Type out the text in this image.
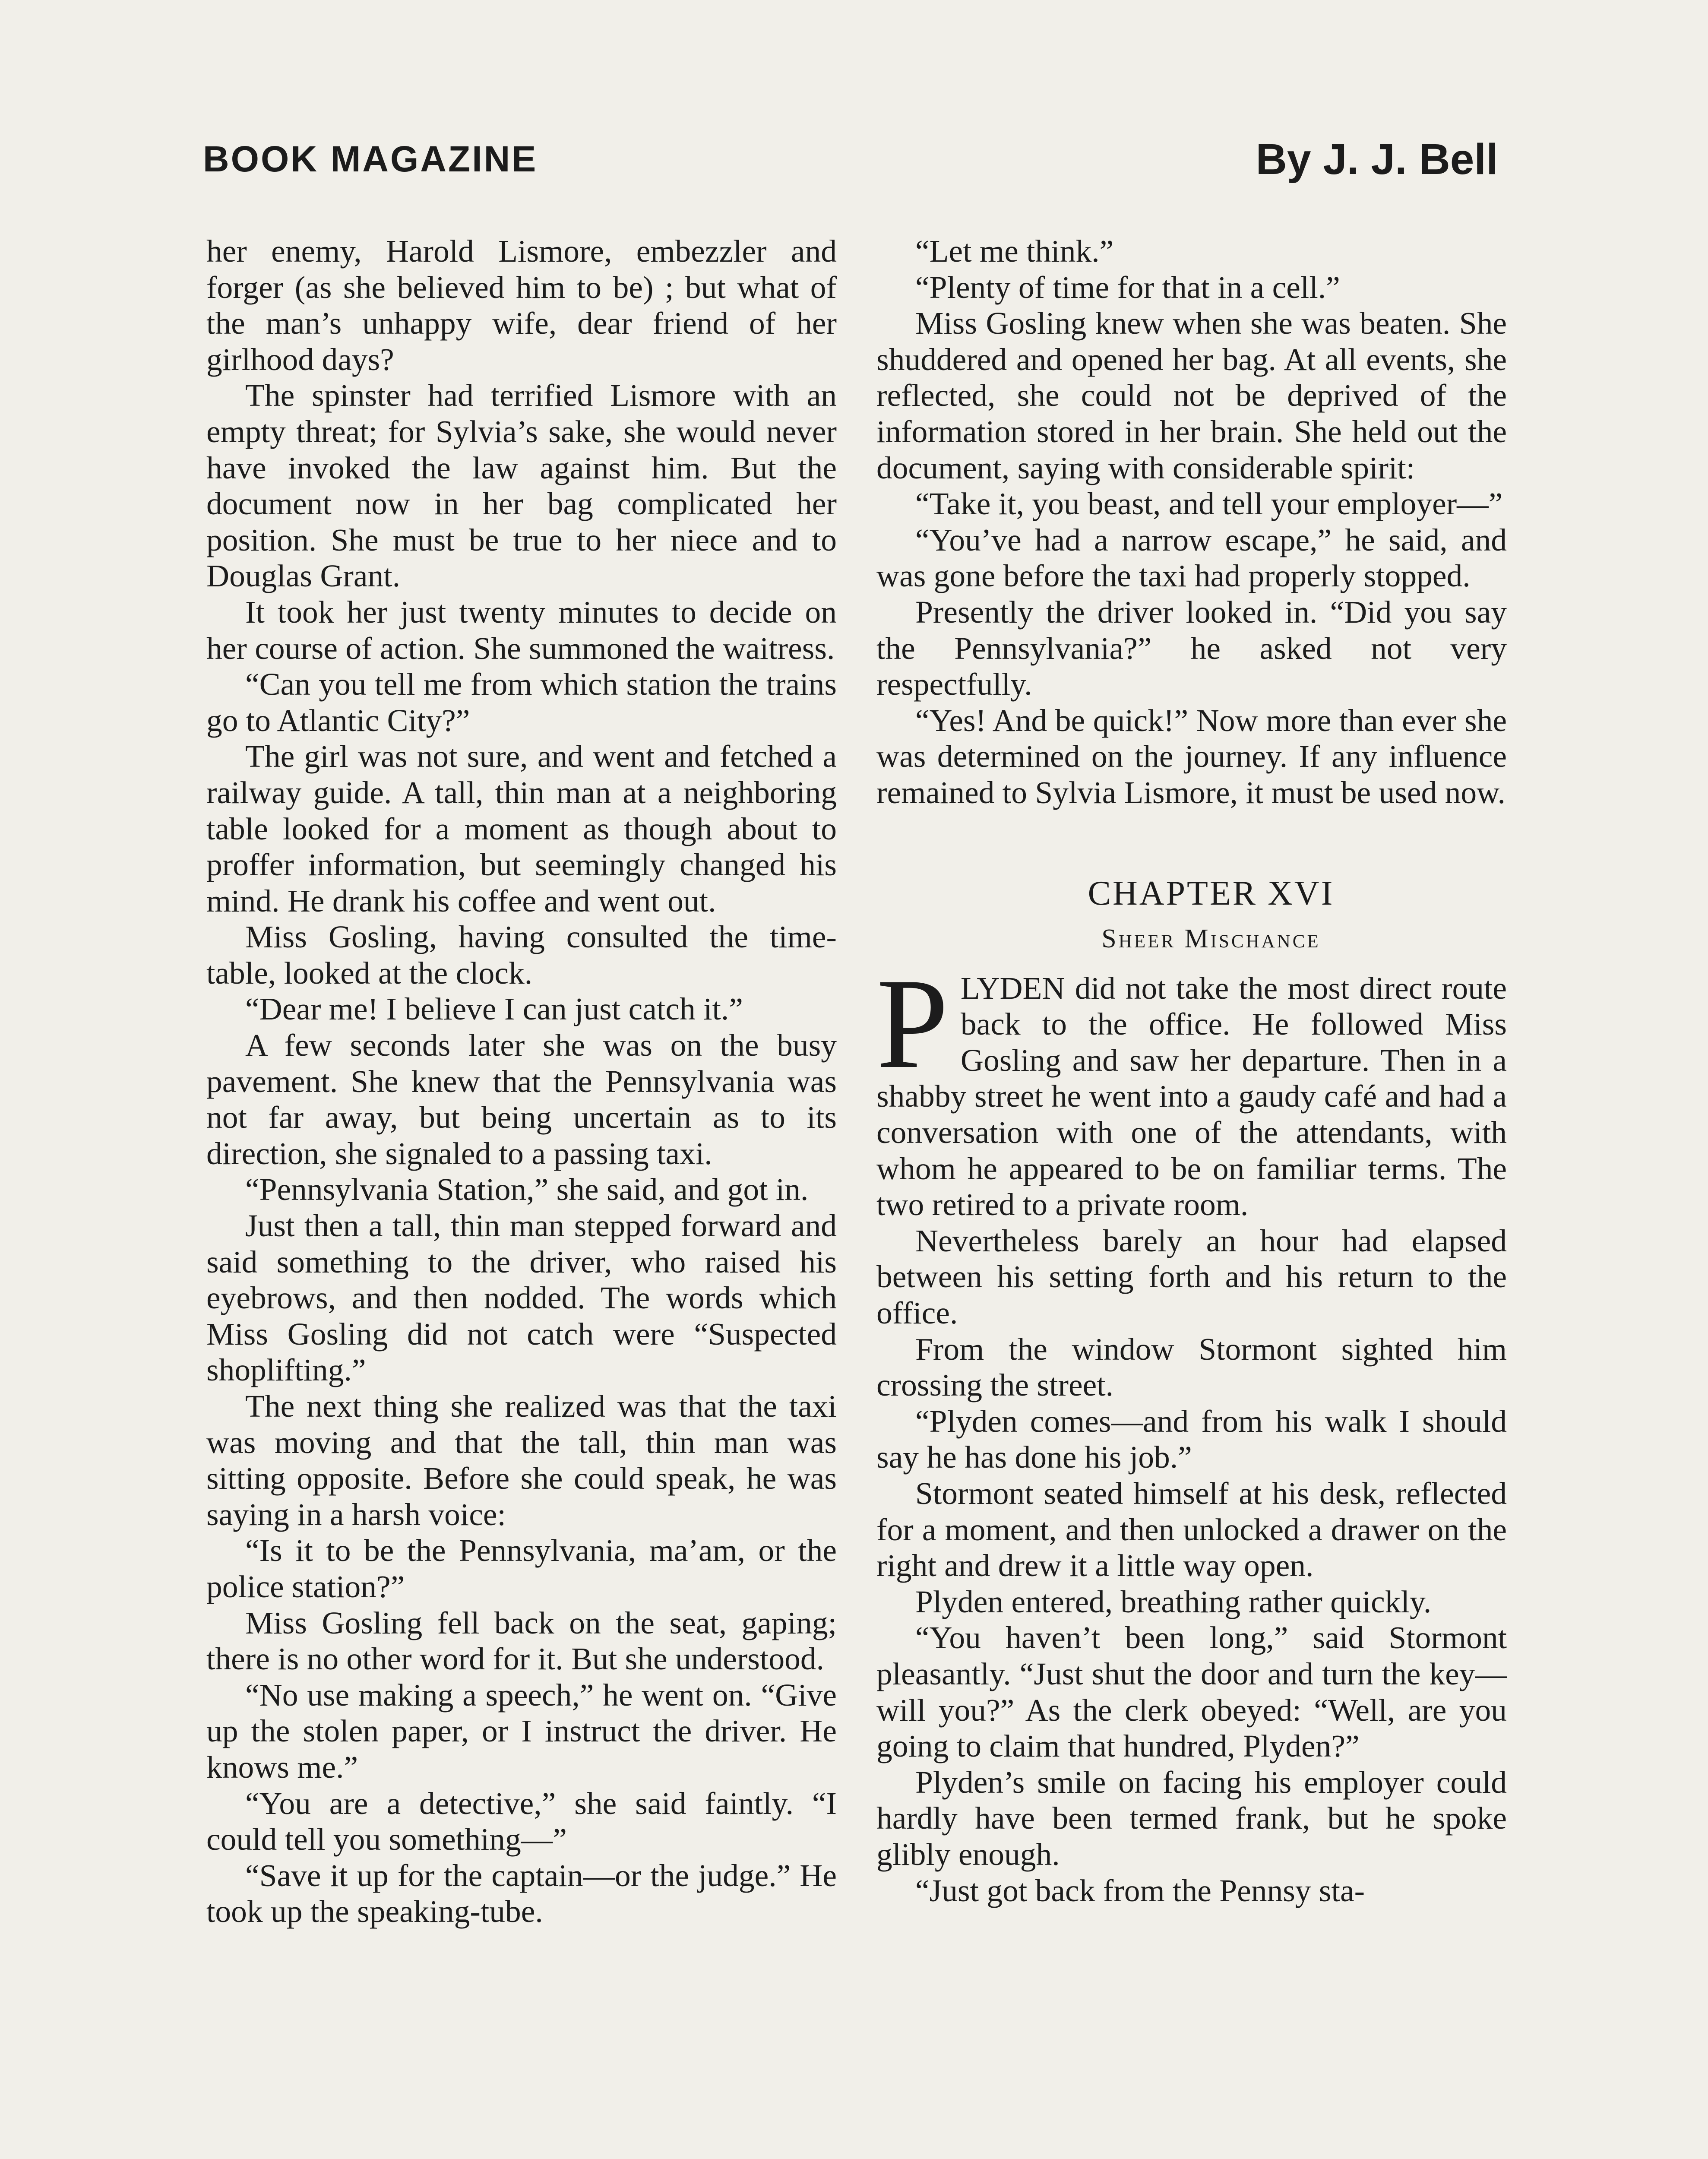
BOOK MAGAZINE	By J. J. Bell

her enemy, Harold Lismore, embezzler and forger (as she believed him to be) ; but what of the man’s unhappy wife, dear friend of her girlhood days?

The spinster had terrified Lismore with an empty threat; for Sylvia’s sake, she would never have invoked the law against him. But the document now in her bag complicated her position. She must be true to her niece and to Douglas Grant.

It took her just twenty minutes to decide on her course of action. She summoned the waitress.

“Can you tell me from which station the trains go to Atlantic City?”

The girl was not sure, and went and fetched a railway guide. A tall, thin man at a neighboring table looked for a moment as though about to proffer information, but seemingly changed his mind. He drank his coffee and went out.

Miss Gosling, having consulted the time-table, looked at the clock.

“Dear me! I believe I can just catch it.”

A few seconds later she was on the busy pavement. She knew that the Pennsylvania was not far away, but being uncertain as to its direction, she signaled to a passing taxi.

“Pennsylvania Station,” she said, and got in.

Just then a tall, thin man stepped forward and said something to the driver, who raised his eyebrows, and then nodded. The words which Miss Gosling did not catch were “Suspected shoplifting.”

The next thing she realized was that the taxi was moving and that the tall, thin man was sitting opposite. Before she could speak, he was saying in a harsh voice:

“Is it to be the Pennsylvania, ma’am, or the police station?”

Miss Gosling fell back on the seat, gaping; there is no other word for it. But she understood.

“No use making a speech,” he went on. “Give up the stolen paper, or I instruct the driver. He knows me.”

“You are a detective,” she said faintly. “I could tell you something—”

“Save it up for the captain—or the judge.” He took up the speaking-tube.

“Let me think.”

“Plenty of time for that in a cell.”

Miss Gosling knew when she was beaten. She shuddered and opened her bag. At all events, she reflected, she could not be deprived of the information stored in her brain. She held out the document, saying with considerable spirit:

“Take it, you beast, and tell your employer—”

“You’ve had a narrow escape,” he said, and was gone before the taxi had properly stopped.

Presently the driver looked in. “Did you say the Pennsylvania?” he asked not very respectfully.

“Yes! And be quick!” Now more than ever she was determined on the journey. If any influence remained to Sylvia Lismore, it must be used now.

CHAPTER XVI

Sheer Mischance

PLYDEN did not take the most direct route back to the office. He followed Miss Gosling and saw her departure. Then in a shabby street he went into a gaudy café and had a conversation with one of the attendants, with whom he appeared to be on familiar terms. The two retired to a private room.

Nevertheless barely an hour had elapsed between his setting forth and his return to the office.

From the window Stormont sighted him crossing the street.

“Plyden comes—and from his walk I should say he has done his job.”

Stormont seated himself at his desk, reflected for a moment, and then unlocked a drawer on the right and drew it a little way open.

Plyden entered, breathing rather quickly.

“You haven’t been long,” said Stormont pleasantly. “Just shut the door and turn the key—will you?” As the clerk obeyed: “Well, are you going to claim that hundred, Plyden?”

Plyden’s smile on facing his employer could hardly have been termed frank, but he spoke glibly enough.

“Just got back from the Pennsy sta-
